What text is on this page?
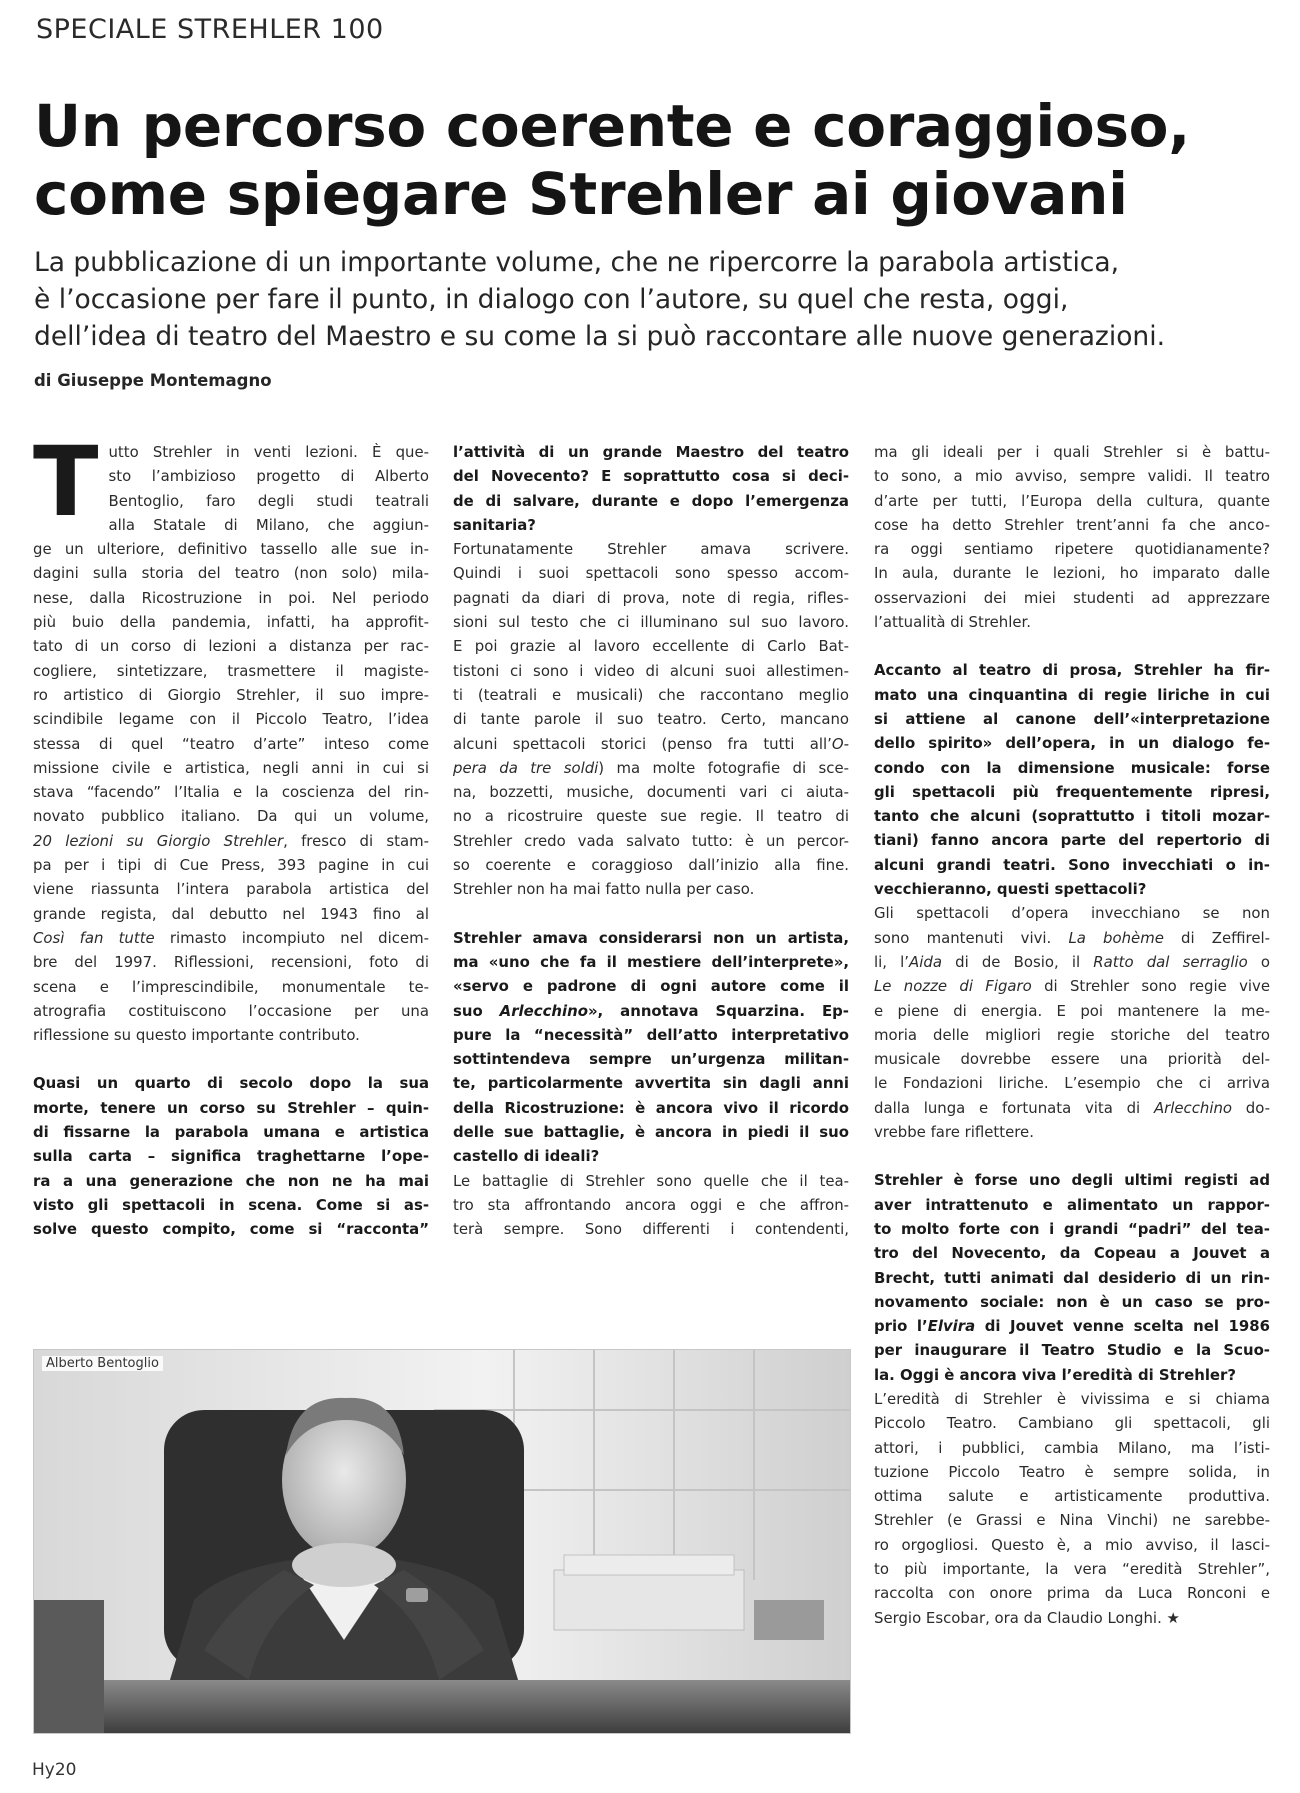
SPECIALE STREHLER 100
Un percorso coerente e coraggioso,
come spiegare Strehler ai giovani
La pubblicazione di un importante volume, che ne ripercorre la parabola artistica,
è l’occasione per fare il punto, in dialogo con l’autore, su quel che resta, oggi,
dell’idea di teatro del Maestro e su come la si può raccontare alle nuove generazioni.
di Giuseppe Montemagno

T utto Strehler in venti lezioni. È que-
sto l’ambizioso progetto di Alberto
Bentoglio, faro degli studi teatrali
alla Statale di Milano, che aggiun-
ge un ulteriore, definitivo tassello alle sue in-
dagini sulla storia del teatro (non solo) mila-
nese, dalla Ricostruzione in poi. Nel periodo
più buio della pandemia, infatti, ha approfit-
tato di un corso di lezioni a distanza per rac-
cogliere, sintetizzare, trasmettere il magiste-
ro artistico di Giorgio Strehler, il suo impre-
scindibile legame con il Piccolo Teatro, l’idea
stessa di quel “teatro d’arte” inteso come
missione civile e artistica, negli anni in cui si
stava “facendo” l’Italia e la coscienza del rin-
novato pubblico italiano. Da qui un volume,
20 lezioni su Giorgio Strehler, fresco di stam-
pa per i tipi di Cue Press, 393 pagine in cui
viene riassunta l’intera parabola artistica del
grande regista, dal debutto nel 1943 fino al
Così fan tutte rimasto incompiuto nel dicem-
bre del 1997. Riflessioni, recensioni, foto di
scena e l’imprescindibile, monumentale te-
atrografia costituiscono l’occasione per una
riflessione su questo importante contributo.

Quasi un quarto di secolo dopo la sua
morte, tenere un corso su Strehler – quin-
di fissarne la parabola umana e artistica
sulla carta – significa traghettarne l’ope-
ra a una generazione che non ne ha mai
visto gli spettacoli in scena. Come si as-
solve questo compito, come si “racconta”

l’attività di un grande Maestro del teatro
del Novecento? E soprattutto cosa si deci-
de di salvare, durante e dopo l’emergenza
sanitaria?

Fortunatamente Strehler amava scrivere.
Quindi i suoi spettacoli sono spesso accom-
pagnati da diari di prova, note di regia, rifles-
sioni sul testo che ci illuminano sul suo lavoro.
E poi grazie al lavoro eccellente di Carlo Bat-
tistoni ci sono i video di alcuni suoi allestimen-
ti (teatrali e musicali) che raccontano meglio
di tante parole il suo teatro. Certo, mancano
alcuni spettacoli storici (penso fra tutti all’O-
pera da tre soldi) ma molte fotografie di sce-
na, bozzetti, musiche, documenti vari ci aiuta-
no a ricostruire queste sue regie. Il teatro di
Strehler credo vada salvato tutto: è un percor-
so coerente e coraggioso dall’inizio alla fine.
Strehler non ha mai fatto nulla per caso.

Strehler amava considerarsi non un artista,
ma «uno che fa il mestiere dell’interprete»,
«servo e padrone di ogni autore come il
suo Arlecchino», annotava Squarzina. Ep-
pure la “necessità” dell’atto interpretativo
sottintendeva sempre un’urgenza militan-
te, particolarmente avvertita sin dagli anni
della Ricostruzione: è ancora vivo il ricordo
delle sue battaglie, è ancora in piedi il suo
castello di ideali?

Le battaglie di Strehler sono quelle che il tea-
tro sta affrontando ancora oggi e che affron-
terà sempre. Sono differenti i contendenti,

ma gli ideali per i quali Strehler si è battu-
to sono, a mio avviso, sempre validi. Il teatro
d’arte per tutti, l’Europa della cultura, quante
cose ha detto Strehler trent’anni fa che anco-
ra oggi sentiamo ripetere quotidianamente?
In aula, durante le lezioni, ho imparato dalle
osservazioni dei miei studenti ad apprezzare
l’attualità di Strehler.

Accanto al teatro di prosa, Strehler ha fir-
mato una cinquantina di regie liriche in cui
si attiene al canone dell’«interpretazione
dello spirito» dell’opera, in un dialogo fe-
condo con la dimensione musicale: forse
gli spettacoli più frequentemente ripresi,
tanto che alcuni (soprattutto i titoli mozar-
tiani) fanno ancora parte del repertorio di
alcuni grandi teatri. Sono invecchiati o in-
vecchieranno, questi spettacoli?

Gli spettacoli d’opera invecchiano se non
sono mantenuti vivi. La bohème di Zeffirel-
li, l’Aida di de Bosio, il Ratto dal serraglio o
Le nozze di Figaro di Strehler sono regie vive
e piene di energia. E poi mantenere la me-
moria delle migliori regie storiche del teatro
musicale dovrebbe essere una priorità del-
le Fondazioni liriche. L’esempio che ci arriva
dalla lunga e fortunata vita di Arlecchino do-
vrebbe fare riflettere.

Strehler è forse uno degli ultimi registi ad
aver intrattenuto e alimentato un rappor-
to molto forte con i grandi “padri” del tea-
tro del Novecento, da Copeau a Jouvet a
Brecht, tutti animati dal desiderio di un rin-
novamento sociale: non è un caso se pro-
prio l’Elvira di Jouvet venne scelta nel 1986
per inaugurare il Teatro Studio e la Scuo-
la. Oggi è ancora viva l’eredità di Strehler?

L’eredità di Strehler è vivissima e si chiama
Piccolo Teatro. Cambiano gli spettacoli, gli
attori, i pubblici, cambia Milano, ma l’isti-
tuzione Piccolo Teatro è sempre solida, in
ottima salute e artisticamente produttiva.
Strehler (e Grassi e Nina Vinchi) ne sarebbe-
ro orgogliosi. Questo è, a mio avviso, il lasci-
to più importante, la vera “eredità Strehler”,
raccolta con onore prima da Luca Ronconi e
Sergio Escobar, ora da Claudio Longhi. ★

Alberto Bentoglio
Hy20
